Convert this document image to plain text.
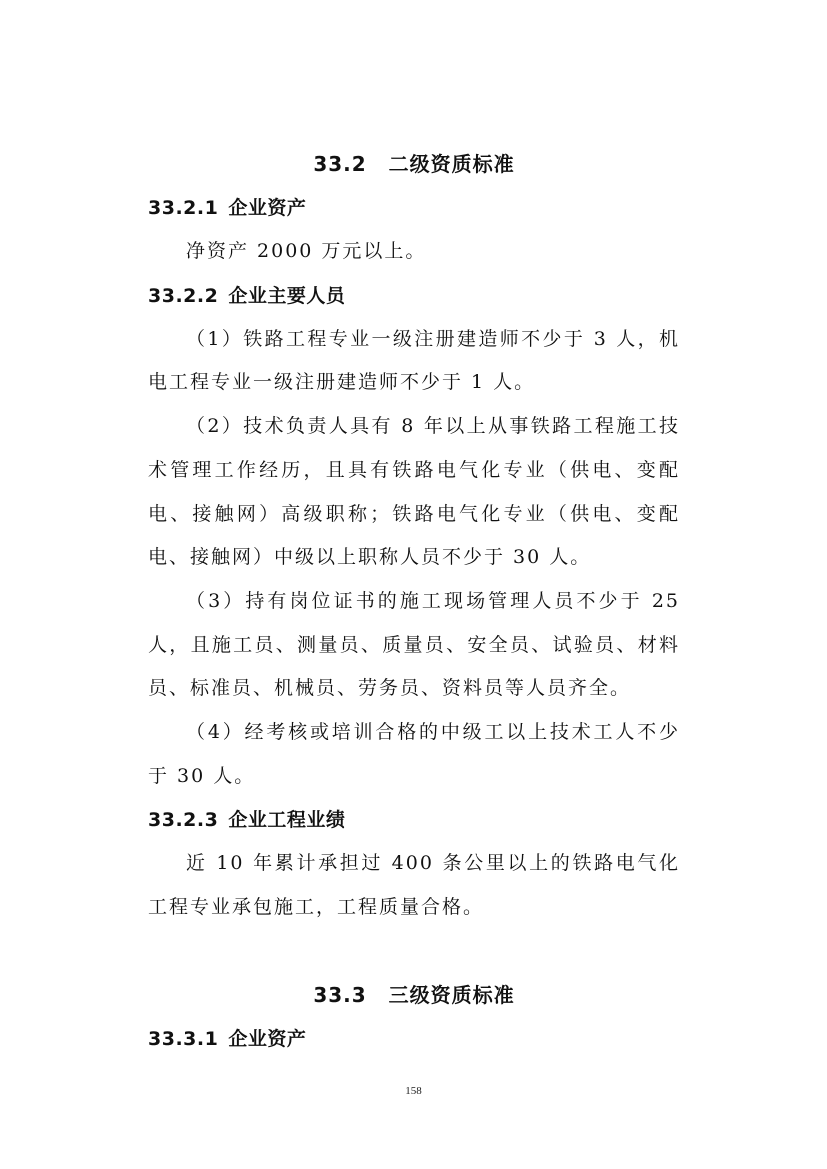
33.2 二级资质标准
33.2.1 企业资产

净资产 2000 万元以上。

33.2.2 企业主要人员

（1）铁路工程专业一级注册建造师不少于 3 人，机电工程专业一级注册建造师不少于 1 人。

（2）技术负责人具有 8 年以上从事铁路工程施工技术管理工作经历，且具有铁路电气化专业（供电、变配电、接触网）高级职称；铁路电气化专业（供电、变配电、接触网）中级以上职称人员不少于 30 人。

（3）持有岗位证书的施工现场管理人员不少于 25 人，且施工员、测量员、质量员、安全员、试验员、材料员、标准员、机械员、劳务员、资料员等人员齐全。

（4）经考核或培训合格的中级工以上技术工人不少于 30 人。

33.2.3 企业工程业绩

近 10 年累计承担过 400 条公里以上的铁路电气化工程专业承包施工，工程质量合格。

33.3 三级资质标准
33.3.1 企业资产
158
